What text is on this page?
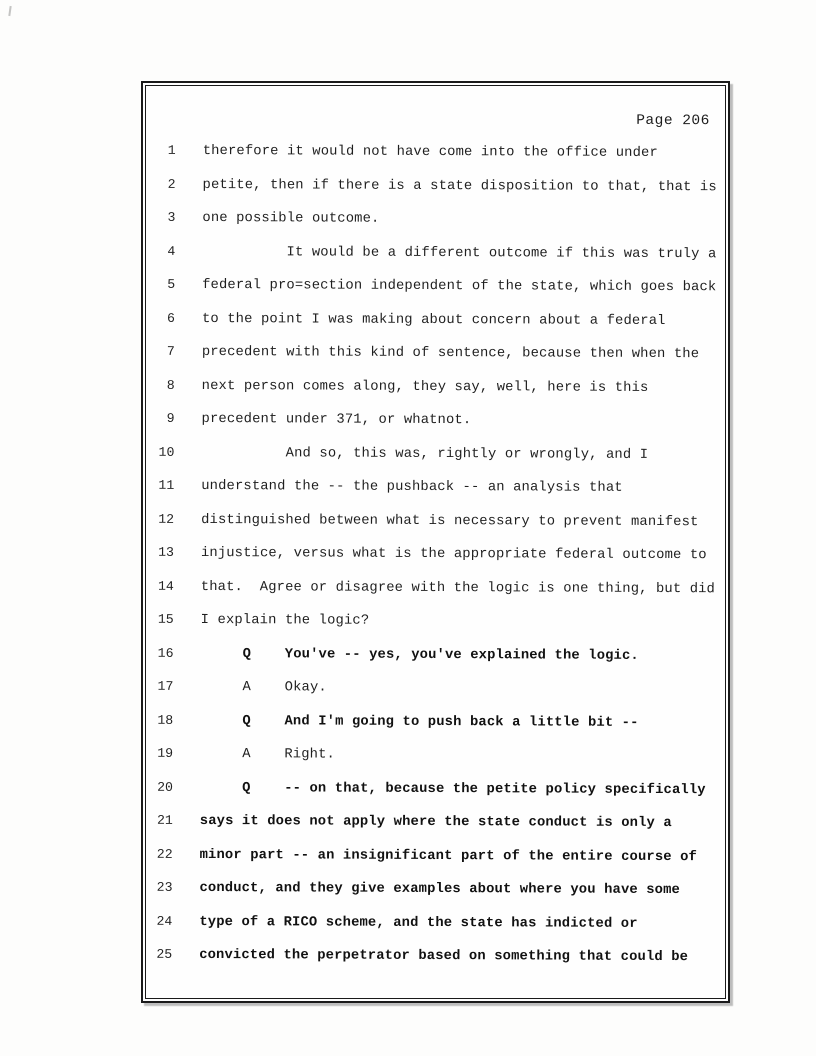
Page 206
1	therefore it would not have come into the office under
2	petite, then if there is a state disposition to that, that is
3	one possible outcome.
4	It would be a different outcome if this was truly a
5	federal pro=section independent of the state, which goes back
6	to the point I was making about concern about a federal
7	precedent with this kind of sentence, because then when the
8	next person comes along, they say, well, here is this
9	precedent under 371, or whatnot.
10	And so, this was, rightly or wrongly, and I
11	understand the -- the pushback -- an analysis that
12	distinguished between what is necessary to prevent manifest
13	injustice, versus what is the appropriate federal outcome to
14	that.  Agree or disagree with the logic is one thing, but did
15	I explain the logic?
16	Q    You've -- yes, you've explained the logic.
17	A    Okay.
18	Q    And I'm going to push back a little bit --
19	A    Right.
20	Q    -- on that, because the petite policy specifically
21	says it does not apply where the state conduct is only a
22	minor part -- an insignificant part of the entire course of
23	conduct, and they give examples about where you have some
24	type of a RICO scheme, and the state has indicted or
25	convicted the perpetrator based on something that could be
